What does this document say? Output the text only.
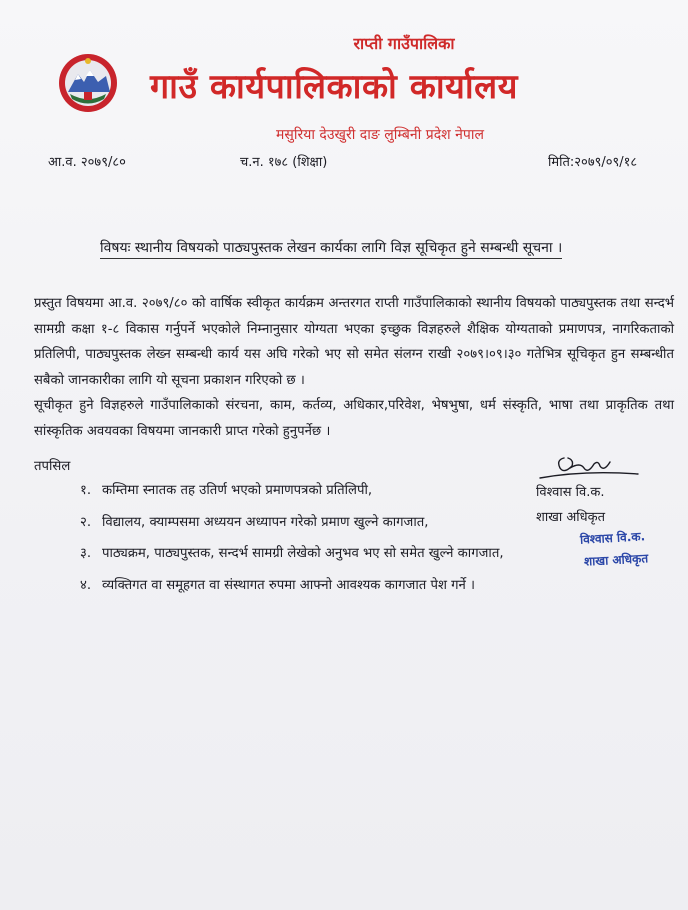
राप्ती गाउँपालिका
गाउँ कार्यपालिकाको कार्यालय
मसुरिया देउखुरी दाङ लुम्बिनी प्रदेश नेपाल
आ.व. २०७९/८०	च.न. १७८ (शिक्षा)	मिति:२०७९/०९/१८
विषयः स्थानीय विषयको पाठ्यपुस्तक लेखन कार्यका लागि विज्ञ सूचिकृत हुने सम्बन्धी सूचना ।

प्रस्तुत विषयमा आ.व. २०७९/८० को वार्षिक स्वीकृत कार्यक्रम अन्तरगत राप्ती गाउँपालिकाको स्थानीय विषयको पाठ्यपुस्तक तथा सन्दर्भ सामग्री कक्षा १-८ विकास गर्नुपर्ने भएकोले निम्नानुसार योग्यता भएका इच्छुक विज्ञहरुले शैक्षिक योग्यताको प्रमाणपत्र, नागरिकताको प्रतिलिपी, पाठ्यपुस्तक लेख्न सम्बन्धी कार्य यस अघि गरेको भए सो समेत संलग्न राखी २०७९।०९।३० गतेभित्र सूचिकृत हुन सम्बन्धीत सबैको जानकारीका लागि यो सूचना प्रकाशन गरिएको छ ।

सूचीकृत हुने विज्ञहरुले गाउँपालिकाको संरचना, काम, कर्तव्य, अधिकार,परिवेश, भेषभुषा, धर्म संस्कृति, भाषा तथा प्राकृतिक तथा सांस्कृतिक अवयवका विषयमा जानकारी प्राप्त गरेको हुनुपर्नेछ ।

तपसिल
१. कम्तिमा स्नातक तह उतिर्ण भएको प्रमाणपत्रको प्रतिलिपी,
२. विद्यालय, क्याम्पसमा अध्ययन अध्यापन गरेको प्रमाण खुल्ने कागजात,
३. पाठ्यक्रम, पाठ्यपुस्तक, सन्दर्भ सामग्री लेखेको अनुभव भए सो समेत खुल्ने कागजात,
४. व्यक्तिगत वा समूहगत वा संस्थागत रुपमा आफ्नो आवश्यक कागजात पेश गर्ने ।
विश्वास वि.क.
शाखा अधिकृत
विश्वास वि.क.
शाखा अधिकृत
